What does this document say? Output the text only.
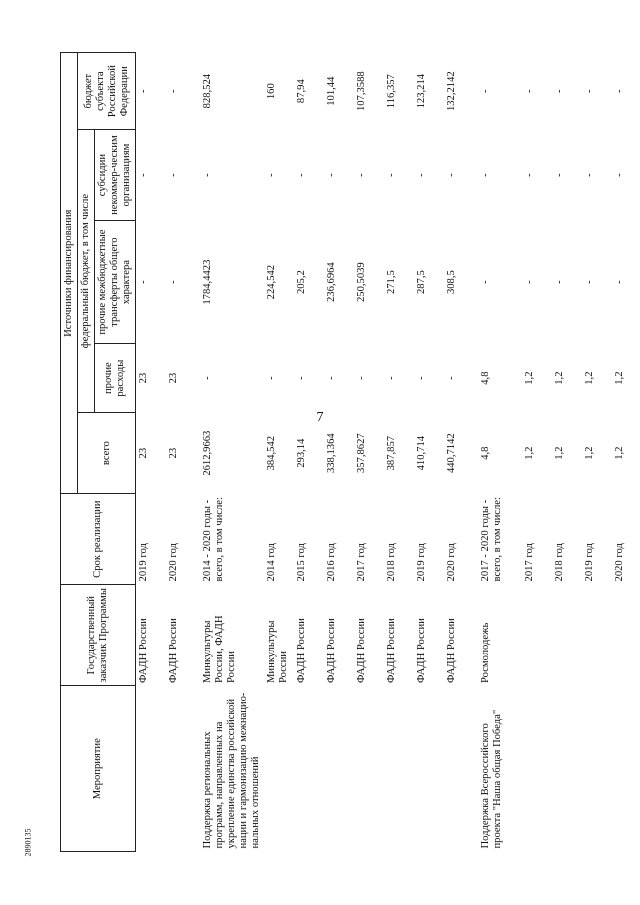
7
2890135
Мероприятие	Государственный заказчик Программы	Срок реализации	Источники финансирования				
			всего	федеральный бюджет, в том числе			бюджет субъекта Российской Федерации
				прочие расходы	прочие межбюджетные трансферты общего характера	субсидии некоммер-ческим организациям	
	ФАДН России	2019 год	23	23	-	-	-
	ФАДН России	2020 год	23	23	-	-	-
Поддержка региональных программ, направленных на укрепление единства российской нации и гармонизацию межнацио-нальных отношений	Минкультуры России, ФАДН России	2014 - 2020 годы - всего, в том числе:	2612,9663	-	1784,4423	-	828,524
	Минкультуры России	2014 год	384,542	-	224,542	-	160
	ФАДН России	2015 год	293,14	-	205,2	-	87,94
	ФАДН России	2016 год	338,1364	-	236,6964	-	101,44
	ФАДН России	2017 год	357,8627	-	250,5039	-	107,3588
	ФАДН России	2018 год	387,857	-	271,5	-	116,357
	ФАДН России	2019 год	410,714	-	287,5	-	123,214
	ФАДН России	2020 год	440,7142	-	308,5	-	132,2142
Поддержка Всероссийского проекта "Наша общая Победа"	Росмолодежь	2017 - 2020 годы - всего, в том числе:	4,8	4,8	-	-	-
		2017 год	1,2	1,2	-	-	-
		2018 год	1,2	1,2	-	-	-
		2019 год	1,2	1,2	-	-	-
		2020 год	1,2	1,2	-	-	-
